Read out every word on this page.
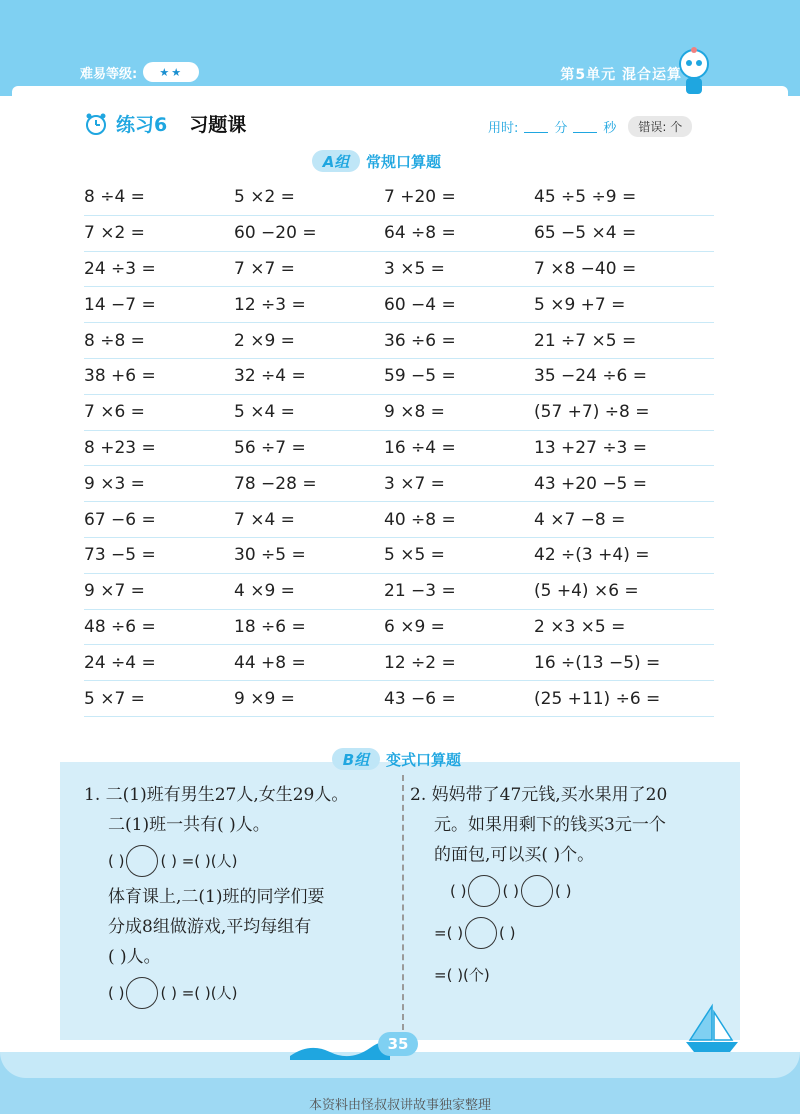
难易等级:	★★	第5单元 混合运算
练习6 习题课	用时:	分	秒	错误: 个
A组	常规口算题
8 ÷4 =	5 ×2 =	7 +20 =	45 ÷5 ÷9 =
7 ×2 =	60 −20 =	64 ÷8 =	65 −5 ×4 =
24 ÷3 =	7 ×7 =	3 ×5 =	7 ×8 −40 =
14 −7 =	12 ÷3 =	60 −4 =	5 ×9 +7 =
8 ÷8 =	2 ×9 =	36 ÷6 =	21 ÷7 ×5 =
38 +6 =	32 ÷4 =	59 −5 =	35 −24 ÷6 =
7 ×6 =	5 ×4 =	9 ×8 =	(57 +7) ÷8 =
8 +23 =	56 ÷7 =	16 ÷4 =	13 +27 ÷3 =
9 ×3 =	78 −28 =	3 ×7 =	43 +20 −5 =
67 −6 =	7 ×4 =	40 ÷8 =	4 ×7 −8 =
73 −5 =	30 ÷5 =	5 ×5 =	42 ÷(3 +4) =
9 ×7 =	4 ×9 =	21 −3 =	(5 +4) ×6 =
48 ÷6 =	18 ÷6 =	6 ×9 =	2 ×3 ×5 =
24 ÷4 =	44 +8 =	12 ÷2 =	16 ÷(13 −5) =
5 ×7 =	9 ×9 =	43 −6 =	(25 +11) ÷6 =
B组	变式口算题
1. 二(1)班有男生27人,女生29人。
二(1)班一共有( )人。
( ) ( ) =( )(人)
体育课上,二(1)班的同学们要
分成8组做游戏,平均每组有
( )人。
( ) ( ) =( )(人)
2. 妈妈带了47元钱,买水果用了20
元。如果用剩下的钱买3元一个
的面包,可以买( )个。
( ) ( ) ( )
=( ) ( )
=( )(个)
35
本资料由怪叔叔讲故事独家整理
